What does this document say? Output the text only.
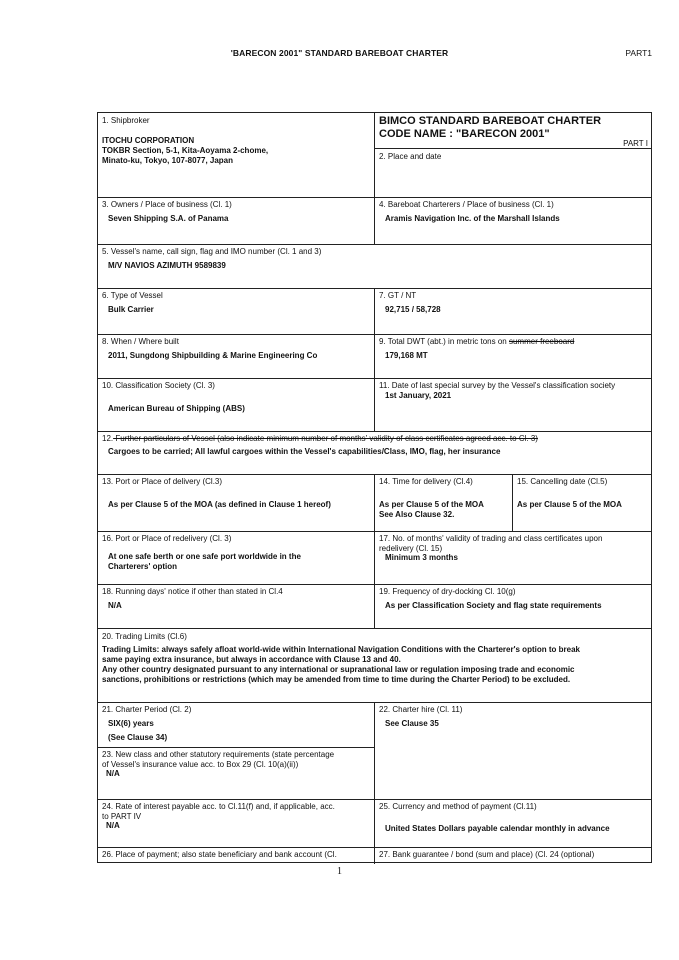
'BARECON 2001" STANDARD BAREBOAT CHARTER	PART1
1. Shipbroker
ITOCHU CORPORATION
TOKBR Section, 5-1, Kita-Aoyama 2-chome,
Minato-ku, Tokyo, 107-8077, Japan
BIMCO STANDARD BAREBOAT CHARTER
CODE NAME : "BARECON 2001"
PART I
2. Place and date
3. Owners / Place of business (Cl. 1)
Seven Shipping S.A. of Panama
4. Bareboat Charterers / Place of business (Cl. 1)
Aramis Navigation Inc. of the Marshall Islands
5. Vessel's name, call sign, flag and IMO number (Cl. 1 and 3)
M/V NAVIOS AZIMUTH 9589839
6. Type of Vessel
Bulk Carrier
7. GT / NT
92,715 / 58,728
8. When / Where built
2011, Sungdong Shipbuilding & Marine Engineering Co
9. Total DWT (abt.) in metric tons on summer freeboard
179,168 MT
10. Classification Society (Cl. 3)
American Bureau of Shipping (ABS)
11. Date of last special survey by the Vessel's classification society
1st January, 2021
12. Further particulars of Vessel (also indicate minimum number of months' validity of class certificates agreed acc. to Cl. 3)
Cargoes to be carried; All lawful cargoes within the Vessel's capabilities/Class, IMO, flag, her insurance
13. Port or Place of delivery (Cl.3)
As per Clause 5 of the MOA (as defined in Clause 1 hereof)
14. Time for delivery (Cl.4)
As per Clause 5 of the MOA
See Also Clause 32.
15. Cancelling date (Cl.5)
As per Clause 5 of the MOA
16. Port or Place of redelivery (Cl. 3)
At one safe berth or one safe port worldwide in the
Charterers' option
17. No. of months' validity of trading and class certificates upon
redelivery (Cl. 15)
Minimum 3 months
18. Running days' notice if other than stated in Cl.4
N/A
19. Frequency of dry-docking Cl. 10(g)
As per Classification Society and flag state requirements
20. Trading Limits (Cl.6)
Trading Limits: always safely afloat world-wide within International Navigation Conditions with the Charterer's option to break
same paying extra insurance, but always in accordance with Clause 13 and 40.
Any other country designated pursuant to any international or supranational law or regulation imposing trade and economic
sanctions, prohibitions or restrictions (which may be amended from time to time during the Charter Period) to be excluded.
21. Charter Period (Cl. 2)
SIX(6) years
(See Clause 34)
23. New class and other statutory requirements (state percentage
of Vessel's insurance value acc. to Box 29 (Cl. 10(a)(ii))
N/A
22. Charter hire (Cl. 11)
See Clause 35
24. Rate of interest payable acc. to Cl.11(f) and, if applicable, acc.
to PART IV
N/A
25. Currency and method of payment (Cl.11)
United States Dollars payable calendar monthly in advance
26. Place of payment; also state beneficiary and bank account (Cl.	27. Bank guarantee / bond (sum and place) (Cl. 24 (optional)
1
